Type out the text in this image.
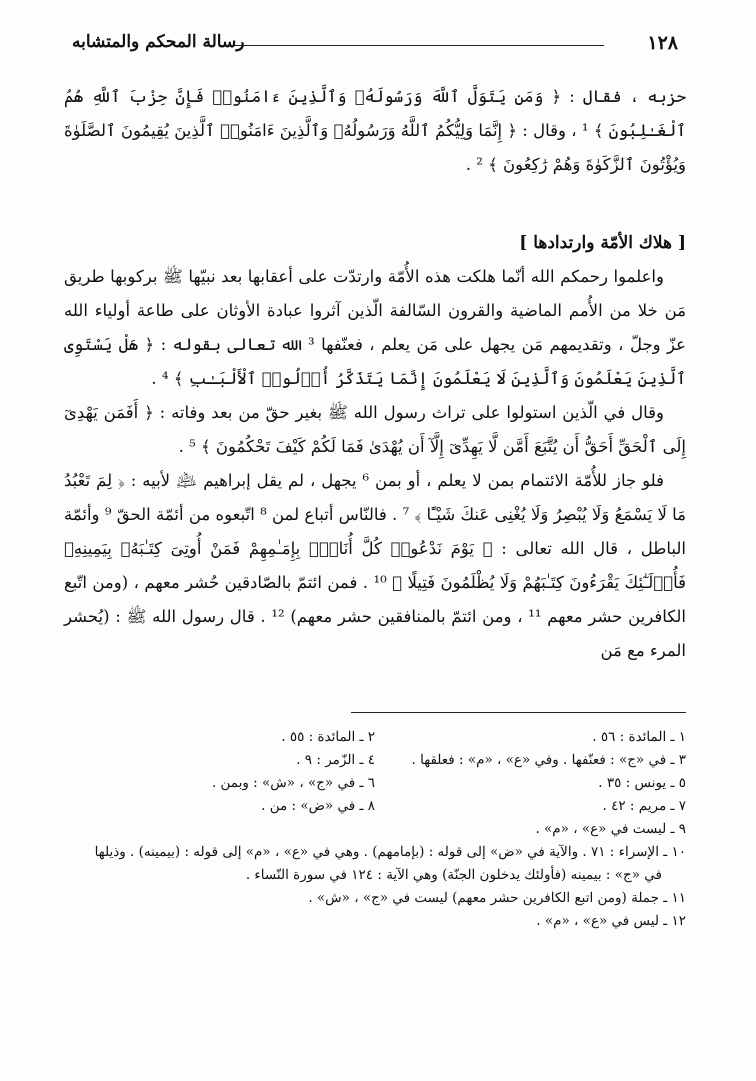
١٢٨
رسالة المحكم والمتشابه

حزبه ، فقال : ﴿ وَمَن يَتَوَلَّ ٱللَّهَ وَرَسُولَهُۥ وَٱلَّذِينَ ءَامَنُوا۟ فَإِنَّ حِزْبَ ٱللَّهِ هُمُ ٱلْغَـٰلِبُونَ ﴾ ¹ ، وقال : ﴿ إِنَّمَا وَلِيُّكُمُ ٱللَّهُ وَرَسُولُهُۥ وَٱلَّذِينَ ءَامَنُوا۟ ٱلَّذِينَ يُقِيمُونَ ٱلصَّلَوٰةَ وَيُؤْتُونَ ٱلزَّكَوٰةَ وَهُمْ رَٰكِعُونَ ﴾ ² .

[ هلاك الأمّة وارتدادها ]

واعلموا رحمكم الله أنّما هلكت هذه الأُمّة وارتدّت على أعقابها بعد نبيّها ﷺ بركوبها طريق مَن خلا من الأُمم الماضية والقرون السّالفة الّذين آثروا عبادة الأوثان على طاعة أولياء الله عزّ وجلّ ، وتقديمهم مَن يجهل على مَن يعلم ، فعنّفها ³ الله تعالى بقوله : ﴿ هَلْ يَسْتَوِى ٱلَّذِينَ يَعْلَمُونَ وَٱلَّذِينَ لَا يَعْلَمُونَ إِنَّمَا يَتَذَكَّرُ أُو۟لُوا۟ ٱلْأَلْبَـٰبِ ﴾ ⁴ .

وقال في الّذين استولوا على تراث رسول الله ﷺ بغير حقّ من بعد وفاته : ﴿ أَفَمَن يَهْدِىٓ إِلَى ٱلْحَقِّ أَحَقُّ أَن يُتَّبَعَ أَمَّن لَّا يَهِدِّىٓ إِلَّآ أَن يُهْدَىٰ فَمَا لَكُمْ كَيْفَ تَحْكُمُونَ ﴾ ⁵ .

فلو جاز للأُمّة الائتمام بمن لا يعلم ، أو بمن ⁶ يجهل ، لم يقل إبراهيم ﵇ لأبيه : ﴿ لِمَ تَعْبُدُ مَا لَا يَسْمَعُ وَلَا يُبْصِرُ وَلَا يُغْنِى عَنكَ شَيْـًٔا ﴾ ⁷ . فالنّاس أتباع لمن ⁸ اتّبعوه من أئمّة الحقّ ⁹ وأئمّة الباطل ، قال الله تعالى : ﴿ يَوْمَ نَدْعُوا۟ كُلَّ أُنَاسٍۭ بِإِمَـٰمِهِمْ فَمَنْ أُوتِىَ كِتَـٰبَهُۥ بِيَمِينِهِۦ فَأُو۟لَـٰٓئِكَ يَقْرَءُونَ كِتَـٰبَهُمْ وَلَا يُظْلَمُونَ فَتِيلًا ﴾ ¹⁰ . فمن ائتمّ بالصّادقين حُشر معهم ، (ومن اتّبع الكافرين حشر معهم ¹¹ ، ومن ائتمّ بالمنافقين حشر معهم) ¹² . قال رسول الله ﷺ : (يُحشر المرء مع مَن

١ ـ المائدة : ٥٦ .
٢ ـ المائدة : ٥٥ .
٣ ـ في «ج» : فعنّفها . وفي «ع» ، «م» : فعلقها .
٤ ـ الزّمر : ٩ .
٥ ـ يونس : ٣٥ .
٦ ـ في «ج» ، «ش» : وبمن .
٧ ـ مريم : ٤٢ .
٨ ـ في «ض» : من .
٩ ـ ليست في «ع» ، «م» .
١٠ ـ الإسراء : ٧١ . والآية في «ض» إلى قوله : (بإمامهم) . وهي في «ع» ، «م» إلى قوله : (بيمينه) . وذيلها
في «ج» : بيمينه (فأولئك يدخلون الجنّة) وهي الآية : ١٢٤ في سورة النّساء .
١١ ـ جملة (ومن اتبع الكافرين حشر معهم) ليست في «ج» ، «ش» .
١٢ ـ ليس في «ع» ، «م» .
